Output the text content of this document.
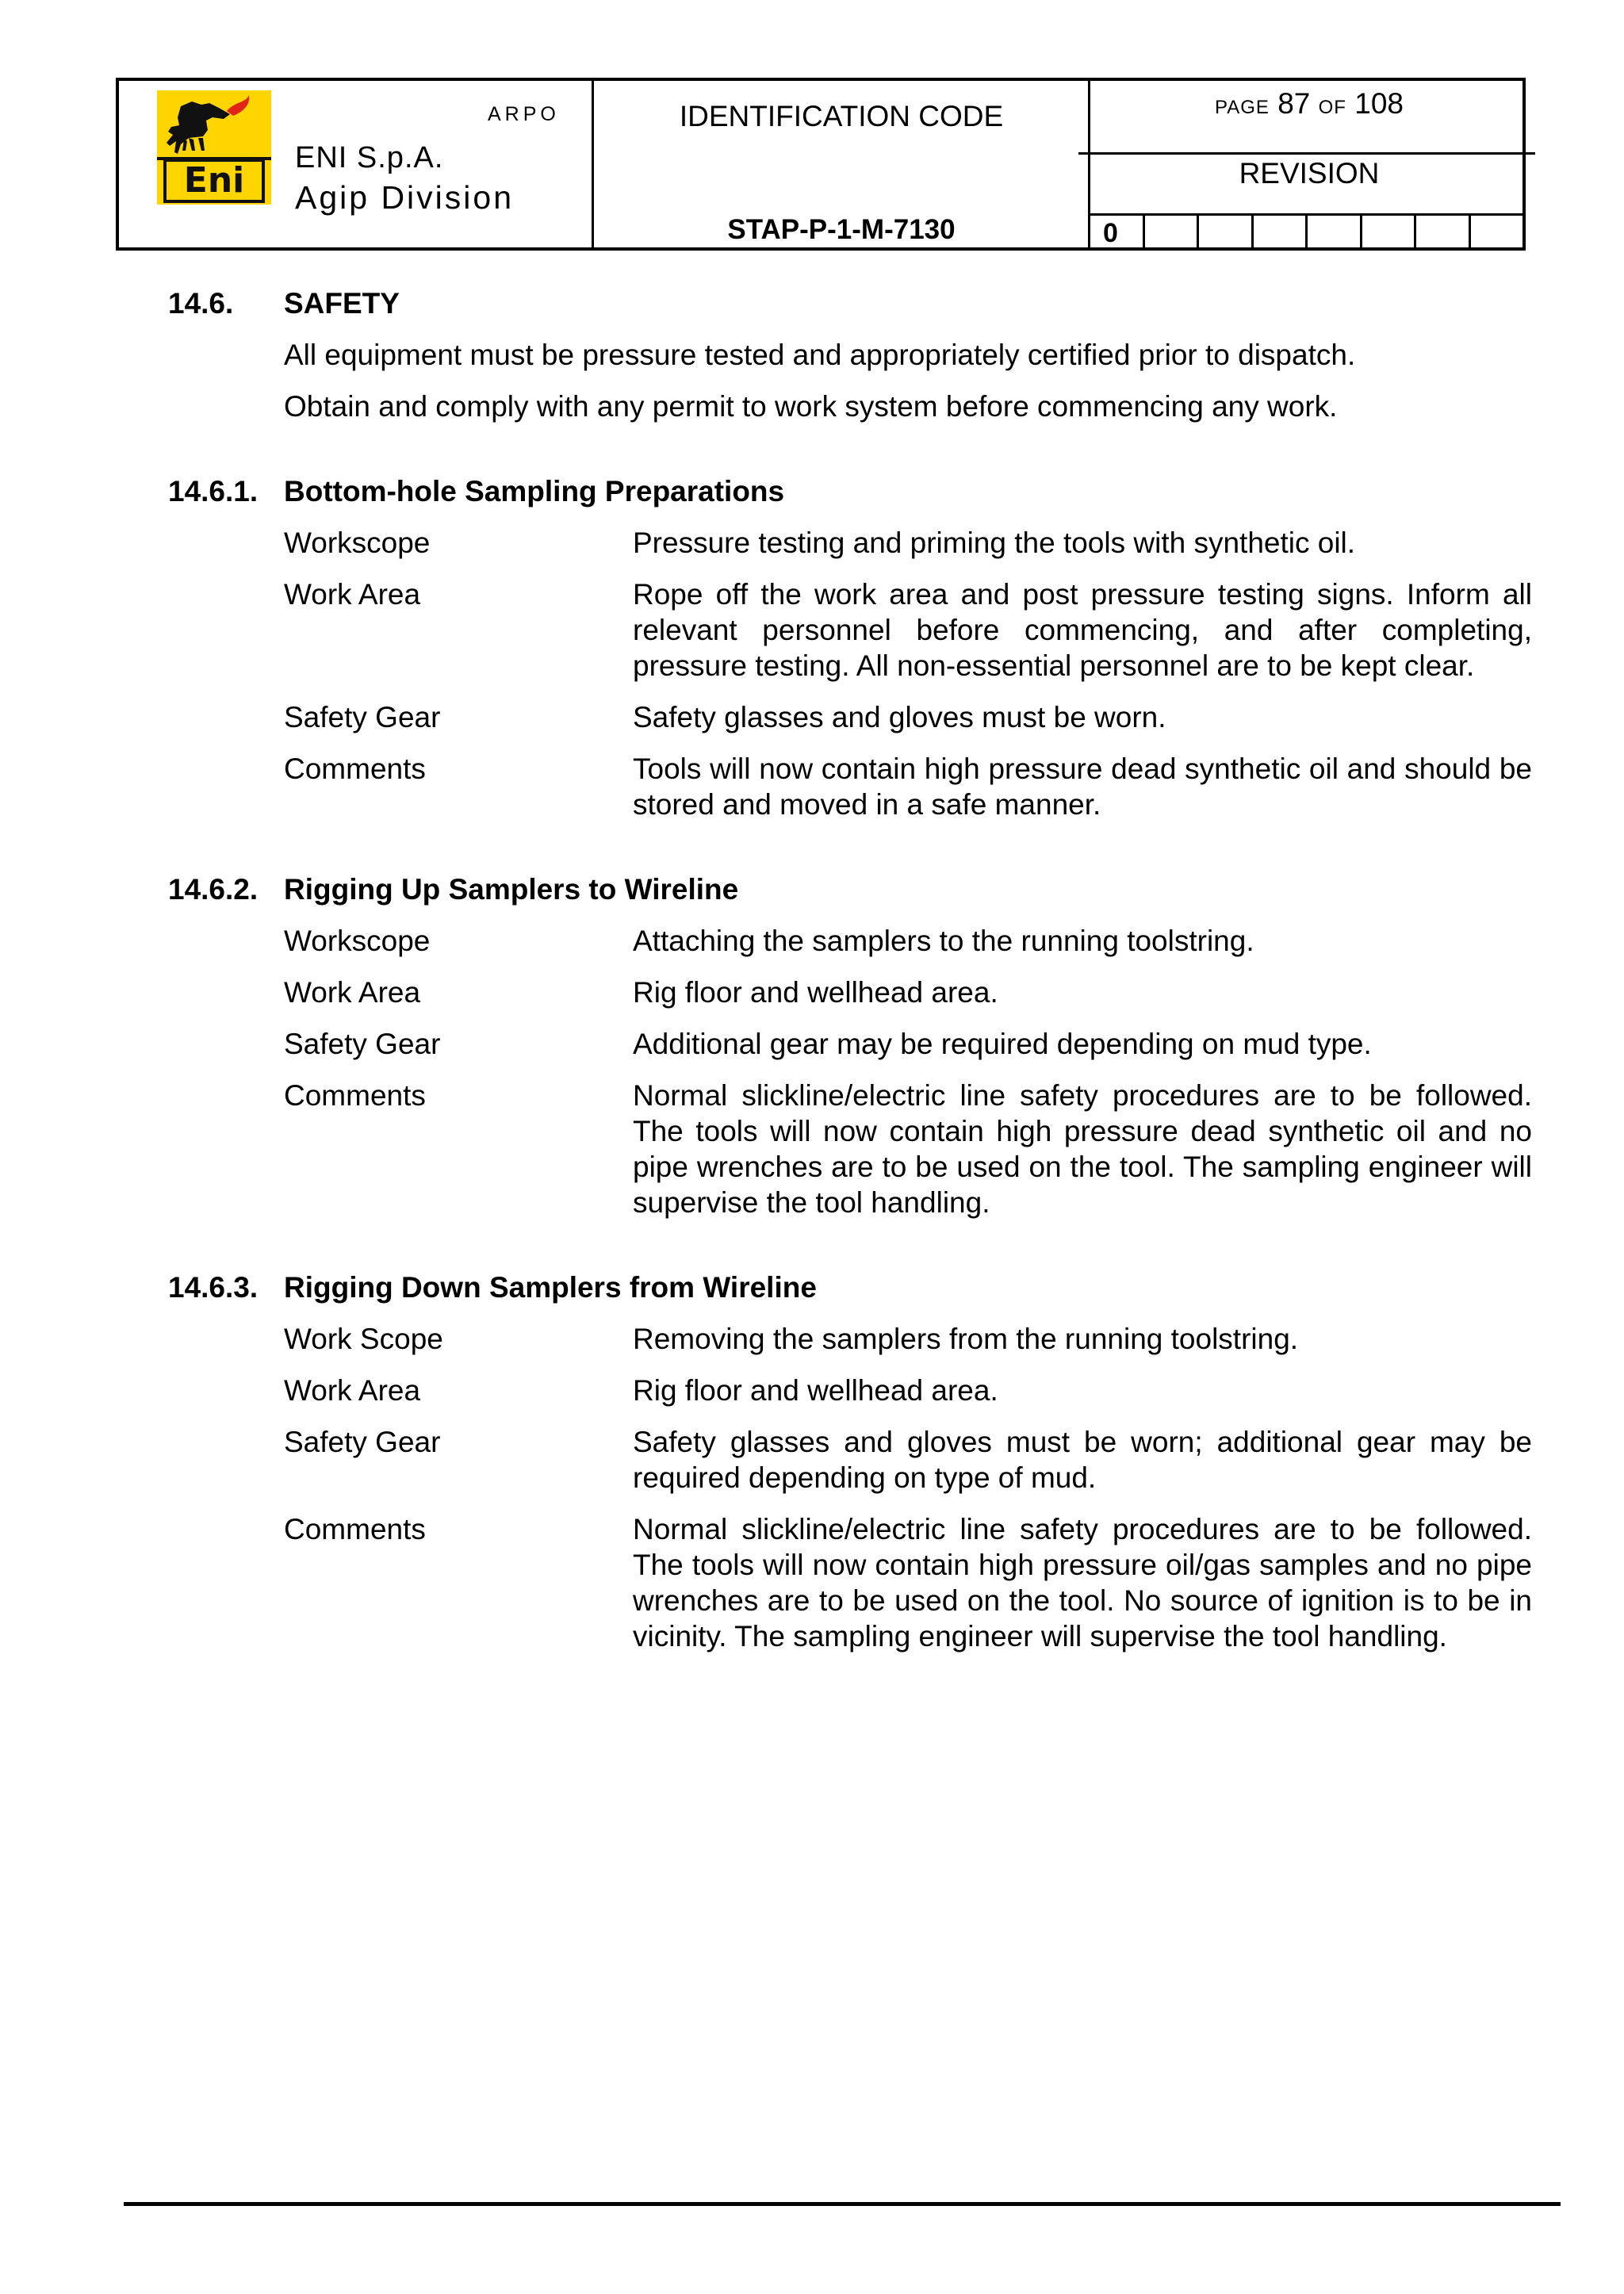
Eni
ARPO
ENI S.p.A.
Agip Division
IDENTIFICATION CODE
STAP-P-1-M-7130
PAGE 87 OF 108
REVISION
0
14.6. SAFETY
All equipment must be pressure tested and appropriately certified prior to dispatch.
Obtain and comply with any permit to work system before commencing any work.
14.6.1. Bottom-hole Sampling Preparations
Workscope	Pressure testing and priming the tools with synthetic oil.
Work Area	Rope off the work area and post pressure testing signs. Inform all relevant personnel before commencing, and after completing, pressure testing. All non-essential personnel are to be kept clear.
Safety Gear	Safety glasses and gloves must be worn.
Comments	Tools will now contain high pressure dead synthetic oil and should be stored and moved in a safe manner.
14.6.2. Rigging Up Samplers to Wireline
Workscope	Attaching the samplers to the running toolstring.
Work Area	Rig floor and wellhead area.
Safety Gear	Additional gear may be required depending on mud type.
Comments	Normal slickline/electric line safety procedures are to be followed. The tools will now contain high pressure dead synthetic oil and no pipe wrenches are to be used on the tool. The sampling engineer will supervise the tool handling.
14.6.3. Rigging Down Samplers from Wireline
Work Scope	Removing the samplers from the running toolstring.
Work Area	Rig floor and wellhead area.
Safety Gear	Safety glasses and gloves must be worn; additional gear may be required depending on type of mud.
Comments	Normal slickline/electric line safety procedures are to be followed. The tools will now contain high pressure oil/gas samples and no pipe wrenches are to be used on the tool. No source of ignition is to be in vicinity. The sampling engineer will supervise the tool handling.
